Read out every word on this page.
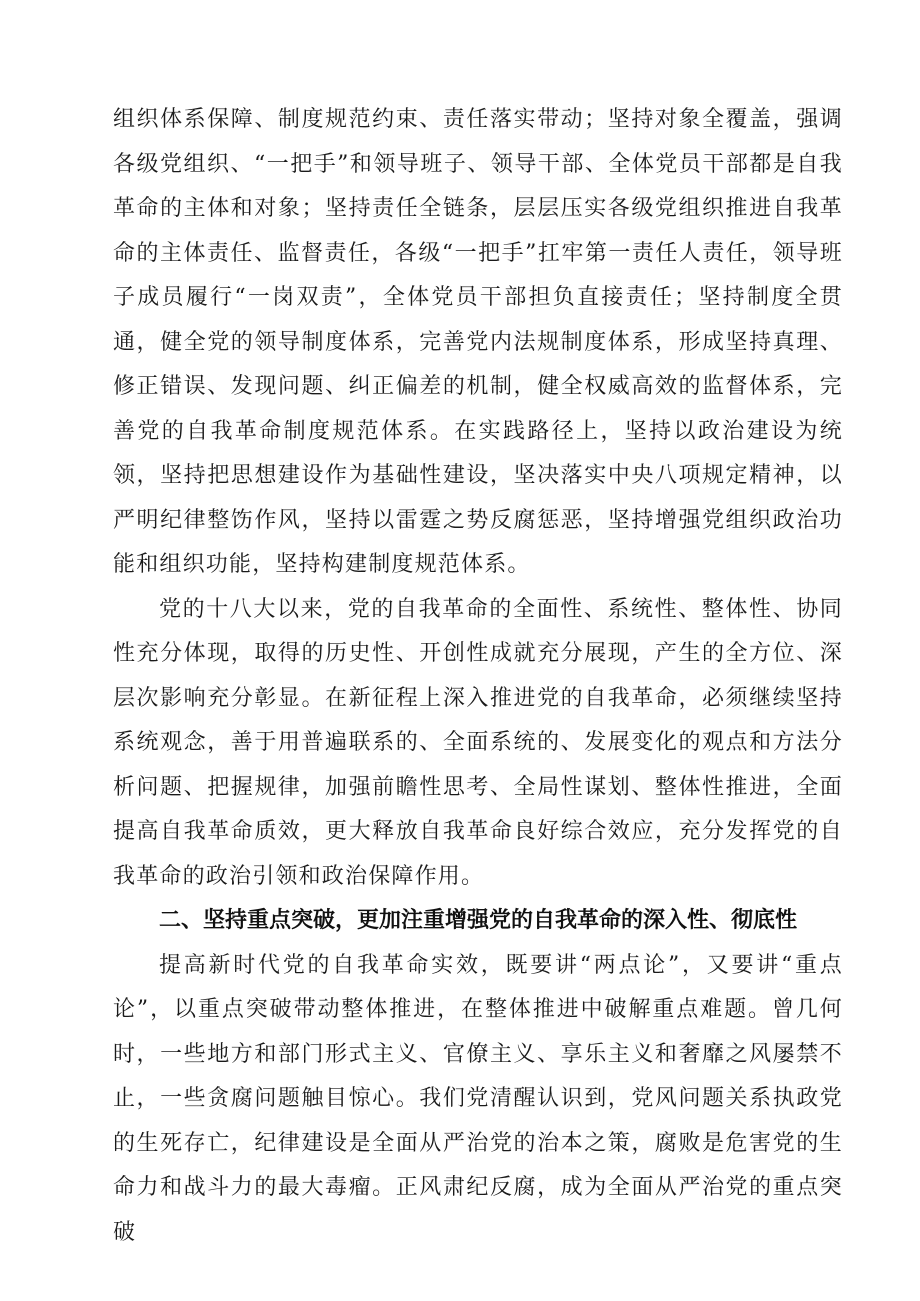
组织体系保障、制度规范约束、责任落实带动；坚持对象全覆盖，强调各级党组织、“一把手”和领导班子、领导干部、全体党员干部都是自我革命的主体和对象；坚持责任全链条，层层压实各级党组织推进自我革命的主体责任、监督责任，各级“一把手”扛牢第一责任人责任，领导班子成员履行“一岗双责”，全体党员干部担负直接责任；坚持制度全贯通，健全党的领导制度体系，完善党内法规制度体系，形成坚持真理、修正错误、发现问题、纠正偏差的机制，健全权威高效的监督体系，完善党的自我革命制度规范体系。在实践路径上，坚持以政治建设为统领，坚持把思想建设作为基础性建设，坚决落实中央八项规定精神，以严明纪律整饬作风，坚持以雷霆之势反腐惩恶，坚持增强党组织政治功能和组织功能，坚持构建制度规范体系。

党的十八大以来，党的自我革命的全面性、系统性、整体性、协同性充分体现，取得的历史性、开创性成就充分展现，产生的全方位、深层次影响充分彰显。在新征程上深入推进党的自我革命，必须继续坚持系统观念，善于用普遍联系的、全面系统的、发展变化的观点和方法分析问题、把握规律，加强前瞻性思考、全局性谋划、整体性推进，全面提高自我革命质效，更大释放自我革命良好综合效应，充分发挥党的自我革命的政治引领和政治保障作用。

二、坚持重点突破，更加注重增强党的自我革命的深入性、彻底性

提高新时代党的自我革命实效，既要讲“两点论”，又要讲“重点论”，以重点突破带动整体推进，在整体推进中破解重点难题。曾几何时，一些地方和部门形式主义、官僚主义、享乐主义和奢靡之风屡禁不止，一些贪腐问题触目惊心。我们党清醒认识到，党风问题关系执政党的生死存亡，纪律建设是全面从严治党的治本之策，腐败是危害党的生命力和战斗力的最大毒瘤。正风肃纪反腐，成为全面从严治党的重点突破
